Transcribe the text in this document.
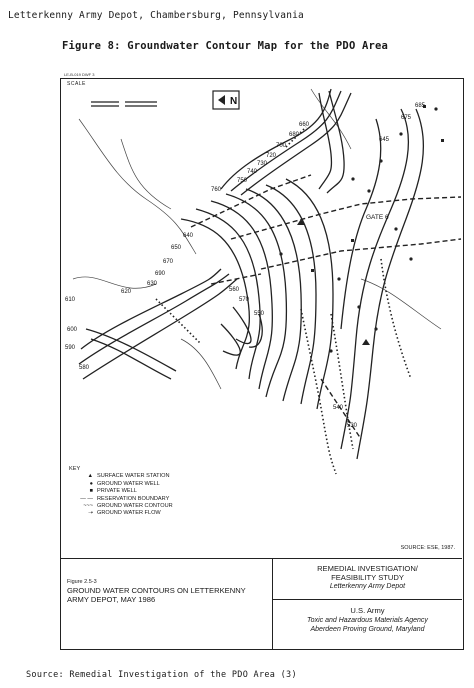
Letterkenny Army Depot, Chambersburg, Pennsylvania
Figure 8: Groundwater Contour Map for the PDO Area
LE-B-019 DWF 3
N
660
680
700
720
730
740
750
760
640
650
670
690
630
620
610
600
590
580
560
570
550
540
530
645
675
685
GATE 6
SCALE
KEY
▲ SURFACE WATER STATION
● GROUND WATER WELL
■ PRIVATE WELL
— — RESERVATION BOUNDARY
~~~ GROUND WATER CONTOUR
⇢ GROUND WATER FLOW
SOURCE: ESE, 1987.
Figure 2.5-3
GROUND WATER CONTOURS ON LETTERKENNY ARMY DEPOT, MAY 1986
REMEDIAL INVESTIGATION/
FEASIBILITY STUDY
Letterkenny Army Depot
U.S. Army
Toxic and Hazardous Materials Agency
Aberdeen Proving Ground, Maryland
Source: Remedial Investigation of the PDO Area (3)
